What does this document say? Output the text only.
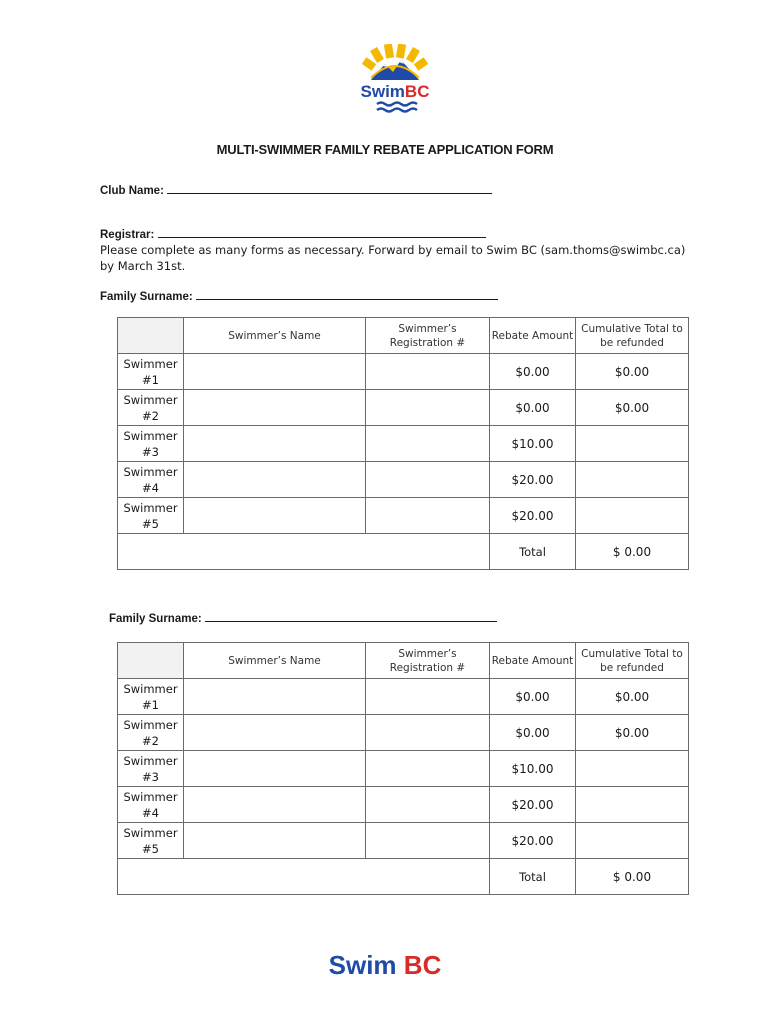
SwimBC
MULTI-SWIMMER FAMILY REBATE APPLICATION FORM
Club Name:
Registrar:
Please complete as many forms as necessary. Forward by email to Swim BC (sam.thoms@swimbc.ca) by March 31st.
Family Surname:
	Swimmer’s Name	Swimmer’s Registration #	Rebate Amount	Cumulative Total to be refunded
Swimmer #1			$0.00	$0.00
Swimmer #2			$0.00	$0.00
Swimmer #3			$10.00	
Swimmer #4			$20.00	
Swimmer #5			$20.00	
			Total	$ 0.00
Family Surname:
	Swimmer’s Name	Swimmer’s Registration #	Rebate Amount	Cumulative Total to be refunded
Swimmer #1			$0.00	$0.00
Swimmer #2			$0.00	$0.00
Swimmer #3			$10.00	
Swimmer #4			$20.00	
Swimmer #5			$20.00	
			Total	$ 0.00
Swim BC
